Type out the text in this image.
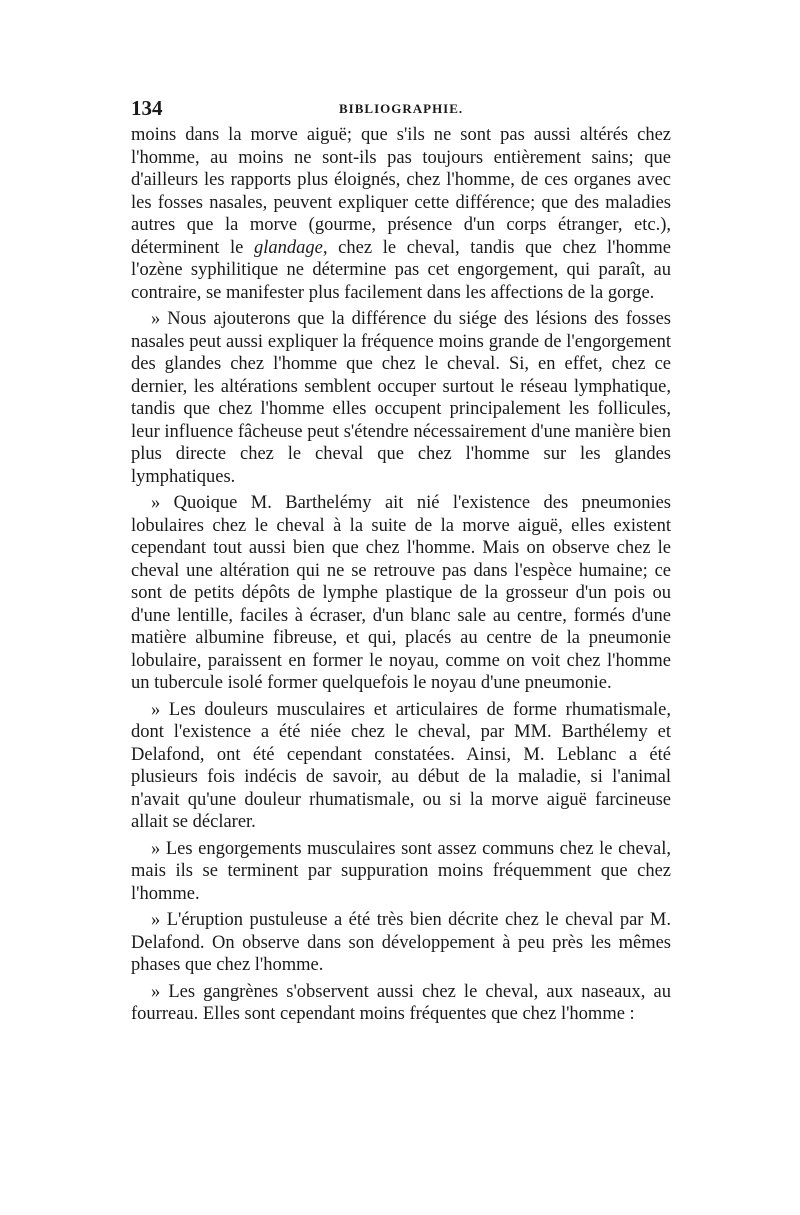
134	BIBLIOGRAPHIE.

moins dans la morve aiguë; que s'ils ne sont pas aussi altérés chez l'homme, au moins ne sont-ils pas toujours entièrement sains; que d'ailleurs les rapports plus éloignés, chez l'homme, de ces organes avec les fosses nasales, peuvent expliquer cette différence; que des maladies autres que la morve (gourme, présence d'un corps étranger, etc.), déterminent le glandage, chez le cheval, tandis que chez l'homme l'ozène syphilitique ne détermine pas cet engorgement, qui paraît, au contraire, se manifester plus facilement dans les affections de la gorge.

» Nous ajouterons que la différence du siége des lésions des fosses nasales peut aussi expliquer la fréquence moins grande de l'engorgement des glandes chez l'homme que chez le cheval. Si, en effet, chez ce dernier, les altérations semblent occuper surtout le réseau lymphatique, tandis que chez l'homme elles occupent principalement les follicules, leur influence fâcheuse peut s'étendre nécessairement d'une manière bien plus directe chez le cheval que chez l'homme sur les glandes lymphatiques.

» Quoique M. Barthelémy ait nié l'existence des pneumonies lobulaires chez le cheval à la suite de la morve aiguë, elles existent cependant tout aussi bien que chez l'homme. Mais on observe chez le cheval une altération qui ne se retrouve pas dans l'espèce humaine; ce sont de petits dépôts de lymphe plastique de la grosseur d'un pois ou d'une lentille, faciles à écraser, d'un blanc sale au centre, formés d'une matière albumine fibreuse, et qui, placés au centre de la pneumonie lobulaire, paraissent en former le noyau, comme on voit chez l'homme un tubercule isolé former quelquefois le noyau d'une pneumonie.

» Les douleurs musculaires et articulaires de forme rhumatismale, dont l'existence a été niée chez le cheval, par MM. Barthélemy et Delafond, ont été cependant constatées. Ainsi, M. Leblanc a été plusieurs fois indécis de savoir, au début de la maladie, si l'animal n'avait qu'une douleur rhumatismale, ou si la morve aiguë farcineuse allait se déclarer.

» Les engorgements musculaires sont assez communs chez le cheval, mais ils se terminent par suppuration moins fréquemment que chez l'homme.

» L'éruption pustuleuse a été très bien décrite chez le cheval par M. Delafond. On observe dans son développement à peu près les mêmes phases que chez l'homme.

» Les gangrènes s'observent aussi chez le cheval, aux naseaux, au fourreau. Elles sont cependant moins fréquentes que chez l'homme :
